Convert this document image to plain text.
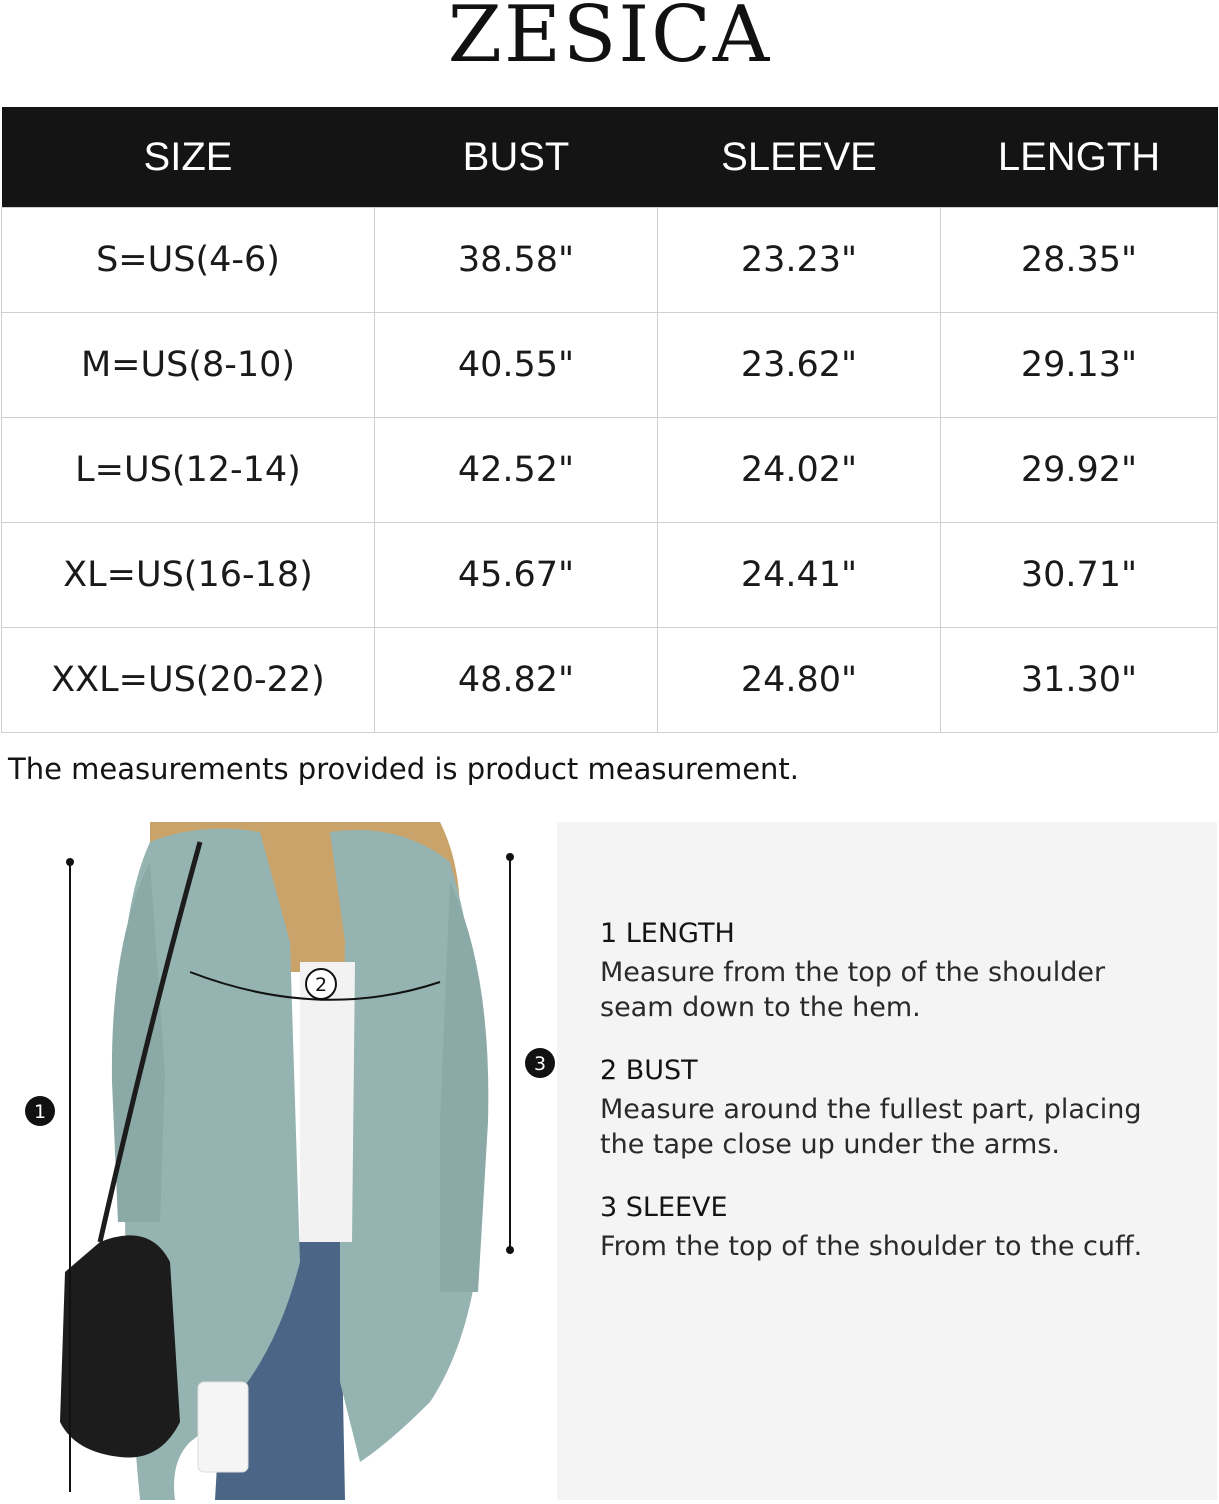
ZESICA
SIZE	BUST	SLEEVE	LENGTH
S=US(4-6)	38.58"	23.23"	28.35"
M=US(8-10)	40.55"	23.62"	29.13"
L=US(12-14)	42.52"	24.02"	29.92"
XL=US(16-18)	45.67"	24.41"	30.71"
XXL=US(20-22)	48.82"	24.80"	31.30"
The measurements provided is product measurement.
1
2
3

1 LENGTH

Measure from the top of the shoulder

seam down to the hem.

2 BUST

Measure around the fullest part, placing

the tape close up under the arms.

3 SLEEVE

From the top of the shoulder to the cuff.
